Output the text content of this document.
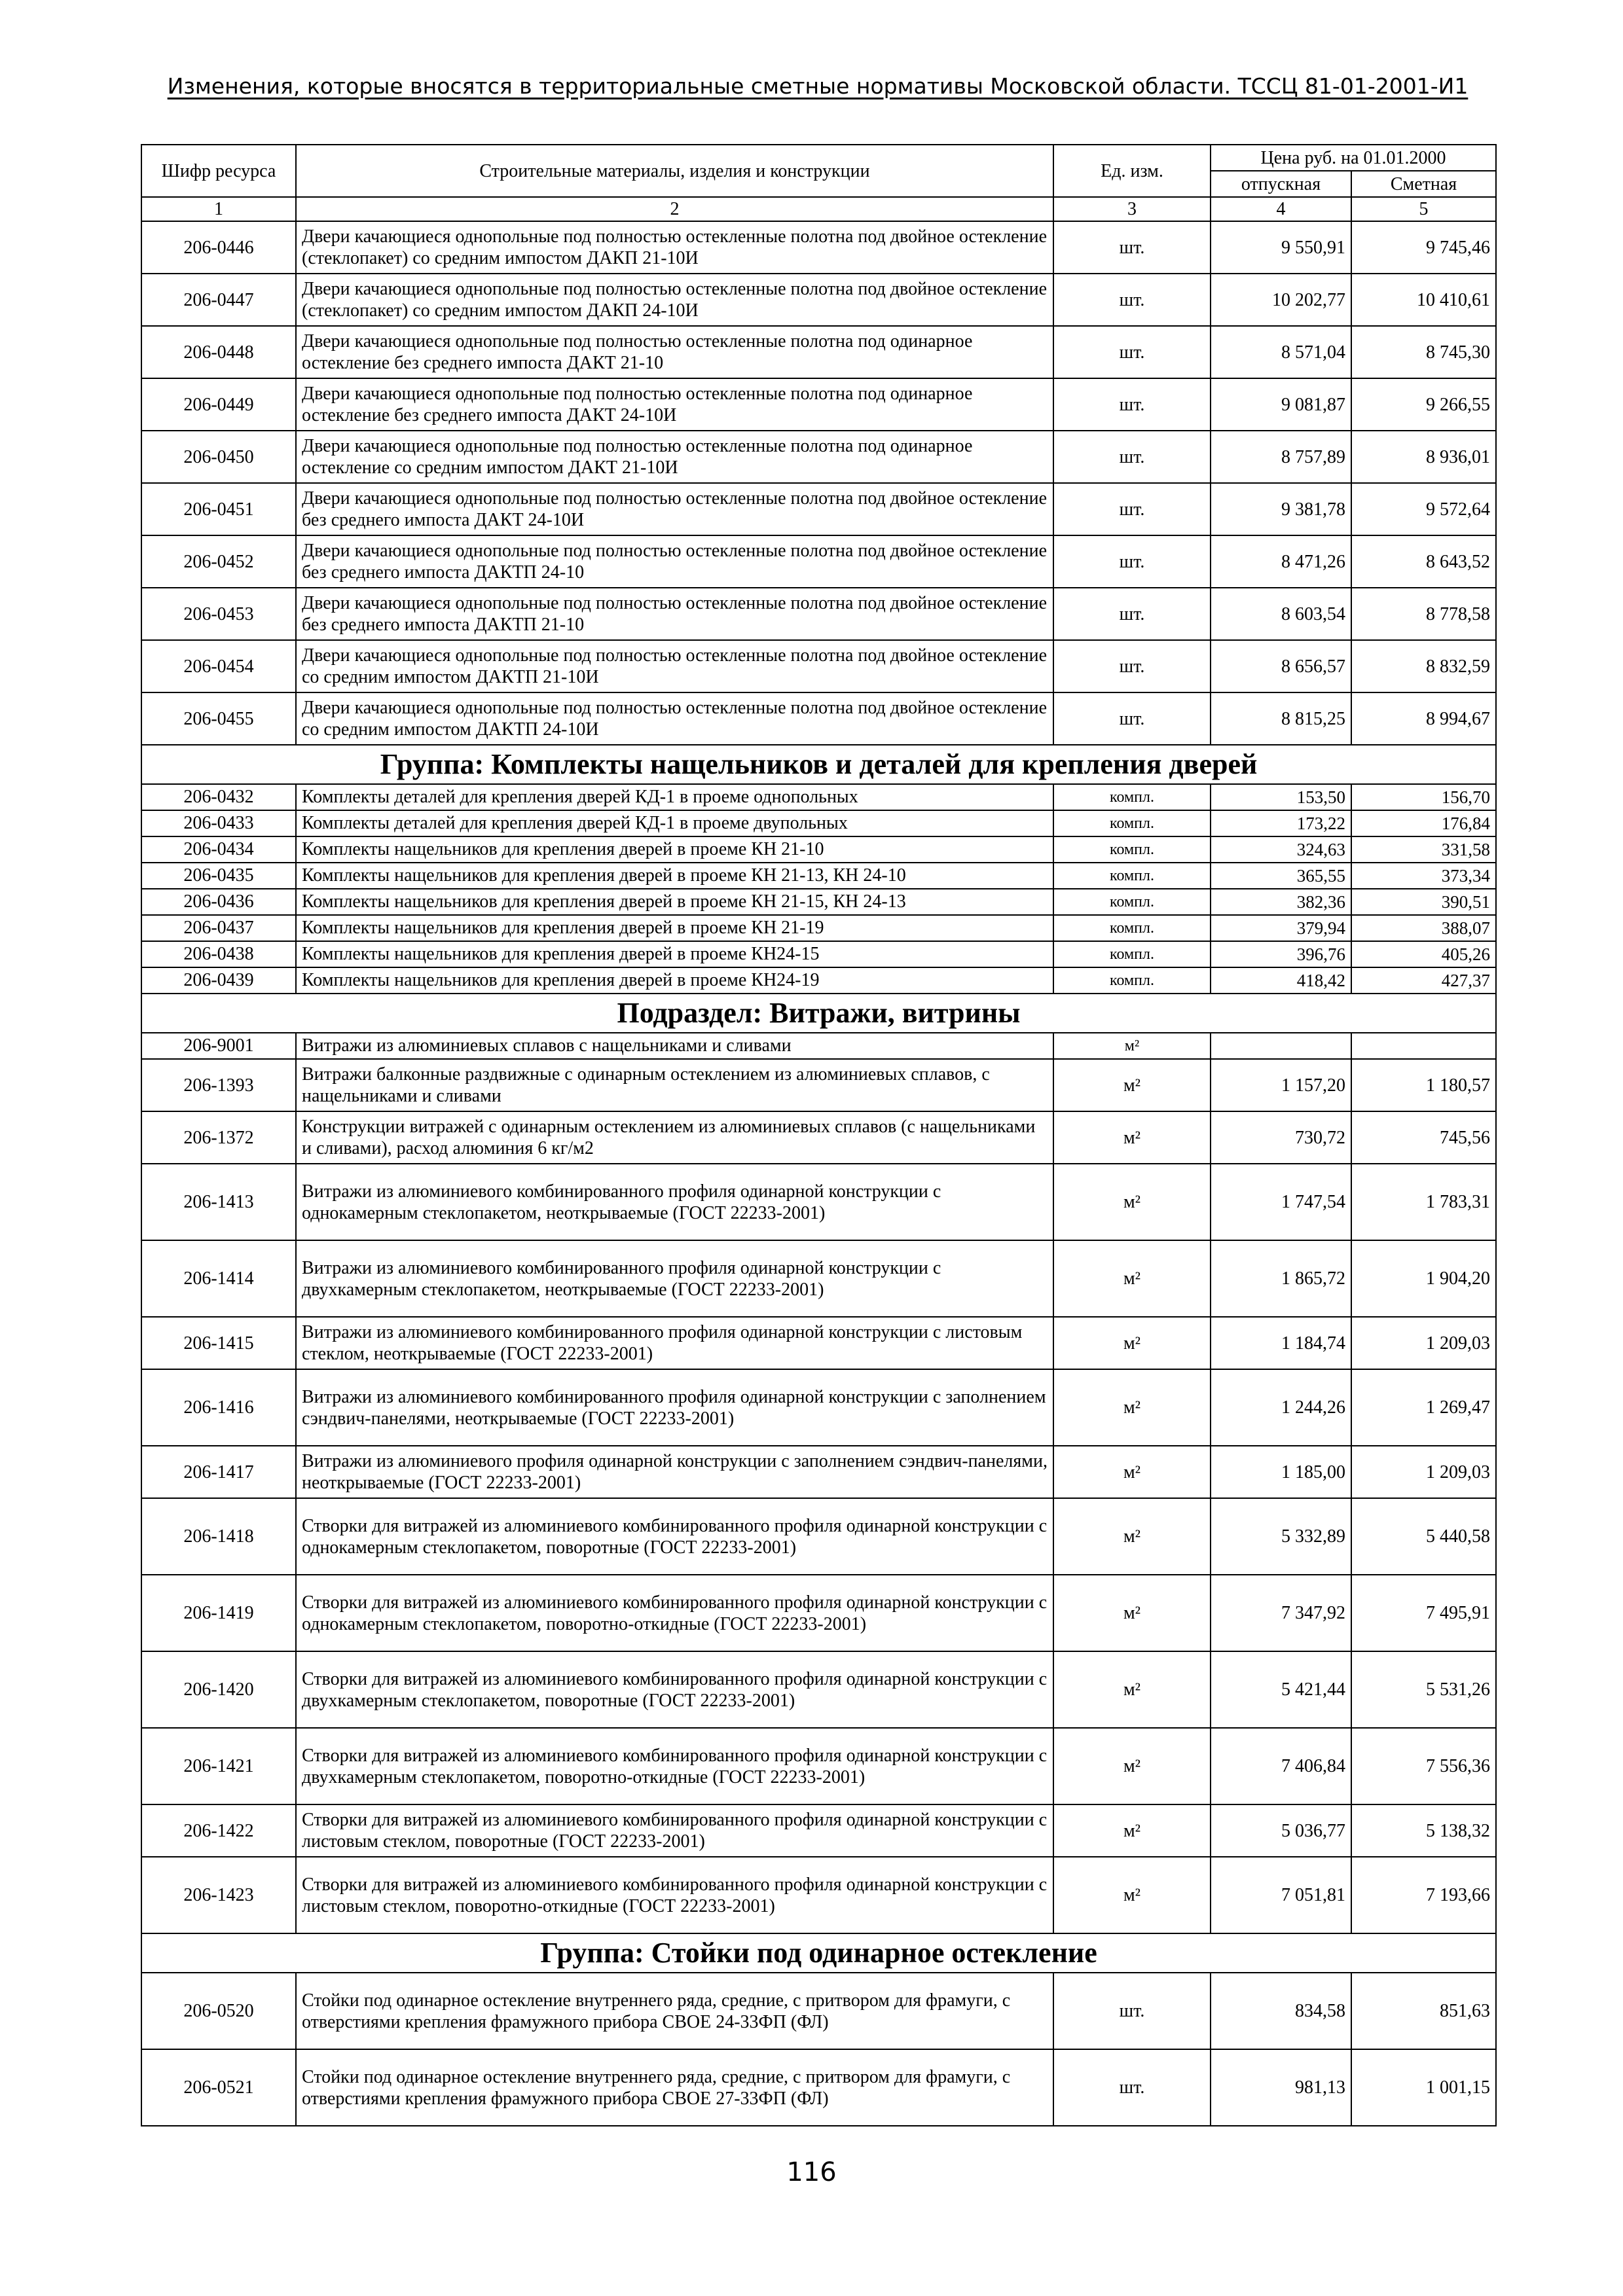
Изменения, которые вносятся в территориальные сметные нормативы Московской области. ТССЦ 81-01-2001-И1
Шифр ресурса	Строительные материалы, изделия и конструкции	Ед. изм.	Цена руб. на 01.01.2000	
			отпускная	Сметная
1	2	3	4	5
206-0446	Двери качающиеся однопольные под полностью остекленные полотна под двойное остекление (стеклопакет) со средним импостом ДАКП 21-10И	шт.	9 550,91	9 745,46
206-0447	Двери качающиеся однопольные под полностью остекленные полотна под двойное остекление (стеклопакет) со средним импостом ДАКП 24-10И	шт.	10 202,77	10 410,61
206-0448	Двери качающиеся однопольные под полностью остекленные полотна под одинарное остекление без среднего импоста ДАКТ 21-10	шт.	8 571,04	8 745,30
206-0449	Двери качающиеся однопольные под полностью остекленные полотна под одинарное остекление без среднего импоста ДАКТ 24-10И	шт.	9 081,87	9 266,55
206-0450	Двери качающиеся однопольные под полностью остекленные полотна под одинарное остекление со средним импостом ДАКТ 21-10И	шт.	8 757,89	8 936,01
206-0451	Двери качающиеся однопольные под полностью остекленные полотна под двойное остекление без среднего импоста ДАКТ 24-10И	шт.	9 381,78	9 572,64
206-0452	Двери качающиеся однопольные под полностью остекленные полотна под двойное остекление без среднего импоста ДАКТП 24-10	шт.	8 471,26	8 643,52
206-0453	Двери качающиеся однопольные под полностью остекленные полотна под двойное остекление без среднего импоста ДАКТП 21-10	шт.	8 603,54	8 778,58
206-0454	Двери качающиеся однопольные под полностью остекленные полотна под двойное остекление со средним импостом ДАКТП 21-10И	шт.	8 656,57	8 832,59
206-0455	Двери качающиеся однопольные под полностью остекленные полотна под двойное остекление со средним импостом ДАКТП 24-10И	шт.	8 815,25	8 994,67
Группа: Комплекты нащельников и деталей для крепления дверей				
206-0432	Комплекты деталей для крепления дверей КД-1 в проеме однопольных	компл.	153,50	156,70
206-0433	Комплекты деталей для крепления дверей КД-1 в проеме двупольных	компл.	173,22	176,84
206-0434	Комплекты нащельников для крепления дверей в проеме КН 21-10	компл.	324,63	331,58
206-0435	Комплекты нащельников для крепления дверей в проеме КН 21-13, КН 24-10	компл.	365,55	373,34
206-0436	Комплекты нащельников для крепления дверей в проеме КН 21-15, КН 24-13	компл.	382,36	390,51
206-0437	Комплекты нащельников для крепления дверей в проеме КН 21-19	компл.	379,94	388,07
206-0438	Комплекты нащельников для крепления дверей в проеме КН24-15	компл.	396,76	405,26
206-0439	Комплекты нащельников для крепления дверей в проеме КН24-19	компл.	418,42	427,37
Подраздел: Витражи, витрины				
206-9001	Витражи из алюминиевых сплавов с нащельниками и сливами	м²		
206-1393	Витражи балконные раздвижные с одинарным остеклением из алюминиевых сплавов, с нащельниками и сливами	м²	1 157,20	1 180,57
206-1372	Конструкции витражей с одинарным остеклением из алюминиевых сплавов (с нащельниками и сливами), расход алюминия 6 кг/м2	м²	730,72	745,56
206-1413	Витражи из алюминиевого комбинированного профиля одинарной конструкции с однокамерным стеклопакетом, неоткрываемые (ГОСТ 22233-2001)	м²	1 747,54	1 783,31
206-1414	Витражи из алюминиевого комбинированного профиля одинарной конструкции с двухкамерным стеклопакетом, неоткрываемые (ГОСТ 22233-2001)	м²	1 865,72	1 904,20
206-1415	Витражи из алюминиевого комбинированного профиля одинарной конструкции с листовым стеклом, неоткрываемые (ГОСТ 22233-2001)	м²	1 184,74	1 209,03
206-1416	Витражи из алюминиевого комбинированного профиля одинарной конструкции с заполнением сэндвич-панелями, неоткрываемые (ГОСТ 22233-2001)	м²	1 244,26	1 269,47
206-1417	Витражи из алюминиевого профиля одинарной конструкции с заполнением сэндвич-панелями, неоткрываемые (ГОСТ 22233-2001)	м²	1 185,00	1 209,03
206-1418	Створки для витражей из алюминиевого комбинированного профиля одинарной конструкции с однокамерным стеклопакетом, поворотные (ГОСТ 22233-2001)	м²	5 332,89	5 440,58
206-1419	Створки для витражей из алюминиевого комбинированного профиля одинарной конструкции с однокамерным стеклопакетом, поворотно-откидные (ГОСТ 22233-2001)	м²	7 347,92	7 495,91
206-1420	Створки для витражей из алюминиевого комбинированного профиля одинарной конструкции с двухкамерным стеклопакетом, поворотные (ГОСТ 22233-2001)	м²	5 421,44	5 531,26
206-1421	Створки для витражей из алюминиевого комбинированного профиля одинарной конструкции с двухкамерным стеклопакетом, поворотно-откидные (ГОСТ 22233-2001)	м²	7 406,84	7 556,36
206-1422	Створки для витражей из алюминиевого комбинированного профиля одинарной конструкции с листовым стеклом, поворотные (ГОСТ 22233-2001)	м²	5 036,77	5 138,32
206-1423	Створки для витражей из алюминиевого комбинированного профиля одинарной конструкции с листовым стеклом, поворотно-откидные (ГОСТ 22233-2001)	м²	7 051,81	7 193,66
Группа: Стойки под одинарное остекление				
206-0520	Стойки под одинарное остекление внутреннего ряда, средние, с притвором для фрамуги, с отверстиями крепления фрамужного прибора СВОЕ 24-33ФП (ФЛ)	шт.	834,58	851,63
206-0521	Стойки под одинарное остекление внутреннего ряда, средние, с притвором для фрамуги, с отверстиями крепления фрамужного прибора СВОЕ 27-33ФП (ФЛ)	шт.	981,13	1 001,15
116
